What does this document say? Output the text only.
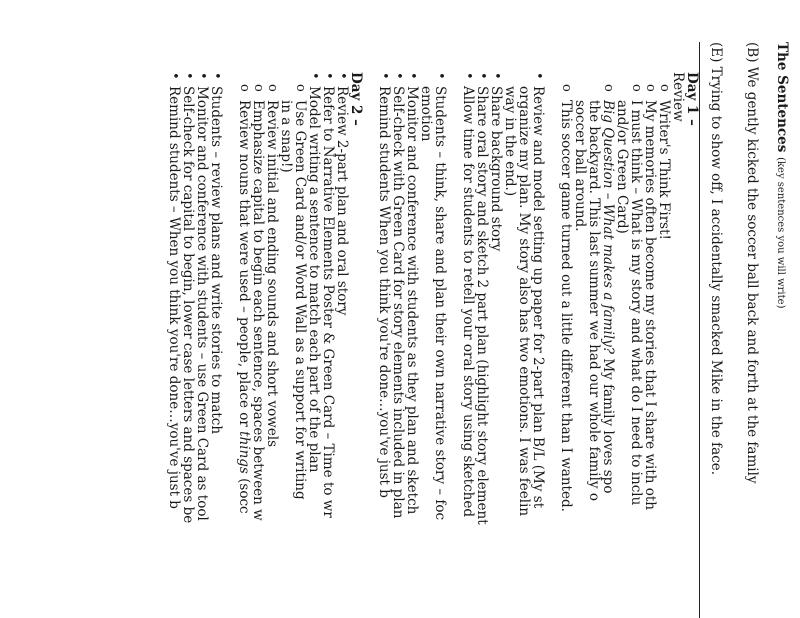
The Sentences (key sentences you will write)
(B) We gently kicked the soccer ball back and forth at the family
(E) Trying to show off, I accidentally smacked Mike in the face.
Day 1 –
Review
o
Writer's Think First!
o
My memories often become my stories that I share with oth
o
I must think – What is my story and what do I need to inclu
and/or Green Card)
o
Big Question – What makes a family? My family loves spo
the backyard. This last summer we had our whole family o
soccer ball around.
o
This soccer game turned out a little different than I wanted.
•
Review and model setting up paper for 2-part plan B/L (My st
organize my plan. My story also has two emotions. I was feelin
way in the end.)
•
Share background story
•
Share oral story and sketch 2 part plan (highlight story element
•
Allow time for students to retell your oral story using sketched
•
Students – think, share and plan their own narrative story – foc
emotion
•
Monitor and conference with students as they plan and sketch
•
Self-check with Green Card for story elements included in plan
•
Remind students When you think you're done…you've just b
Day 2 –
•
Review 2-part plan and oral story
•
Refer to Narrative Elements Poster & Green Card – Time to wr
•
Model writing a sentence to match each part of the plan
o
Use Green Card and/or Word Wall as a support for writing
in a snap!)
o
Review initial and ending sounds and short vowels
o
Emphasize capital to begin each sentence, spaces between w
o
Review nouns that were used – people, place or things (socc
•
Students – review plans and write stories to match
•
Monitor and conference with students – use Green Card as tool
•
Self-check for capital to begin, lower case letters and spaces be
•
Remind students – When you think you're done…you've just b
